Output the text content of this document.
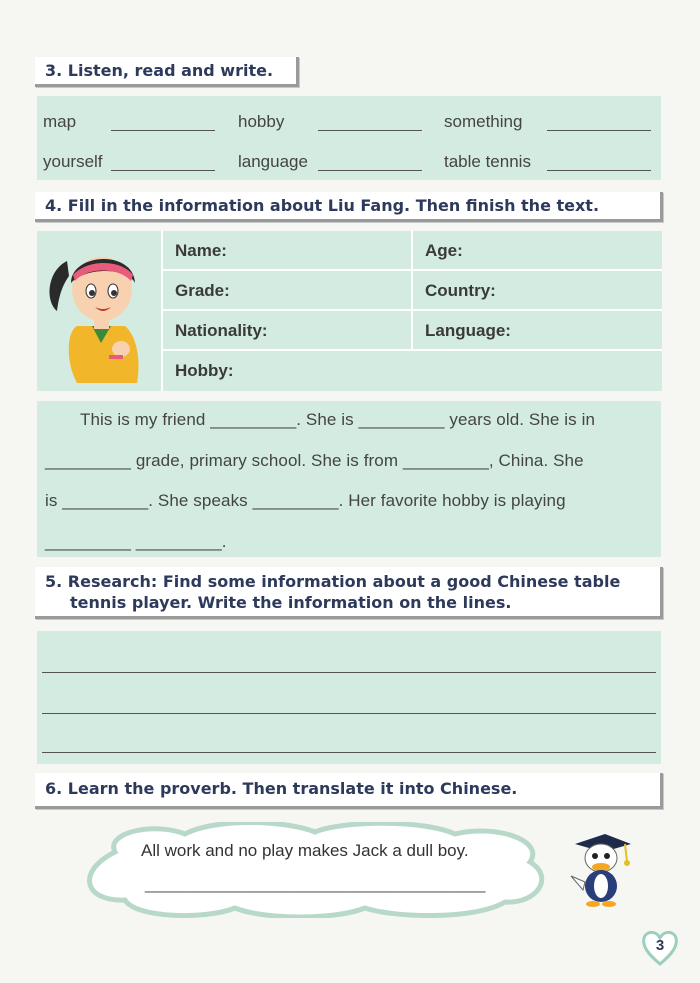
3. Listen, read and write.
map	hobby	something
yourself	language	table tennis
4. Fill in the information about Liu Fang. Then finish the text.
Name:	Age:
Grade:	Country:
Nationality:	Language:
Hobby:
This is my friend _________. She is _________ years old. She is in
_________ grade, primary school. She is from _________, China. She
is _________. She speaks _________. Her favorite hobby is playing
_________ _________.
5. Research: Find some information about a good Chinese table
tennis player. Write the information on the lines.
6. Learn the proverb. Then translate it into Chinese.
All work and no play makes Jack a dull boy.
____________________________________
3
